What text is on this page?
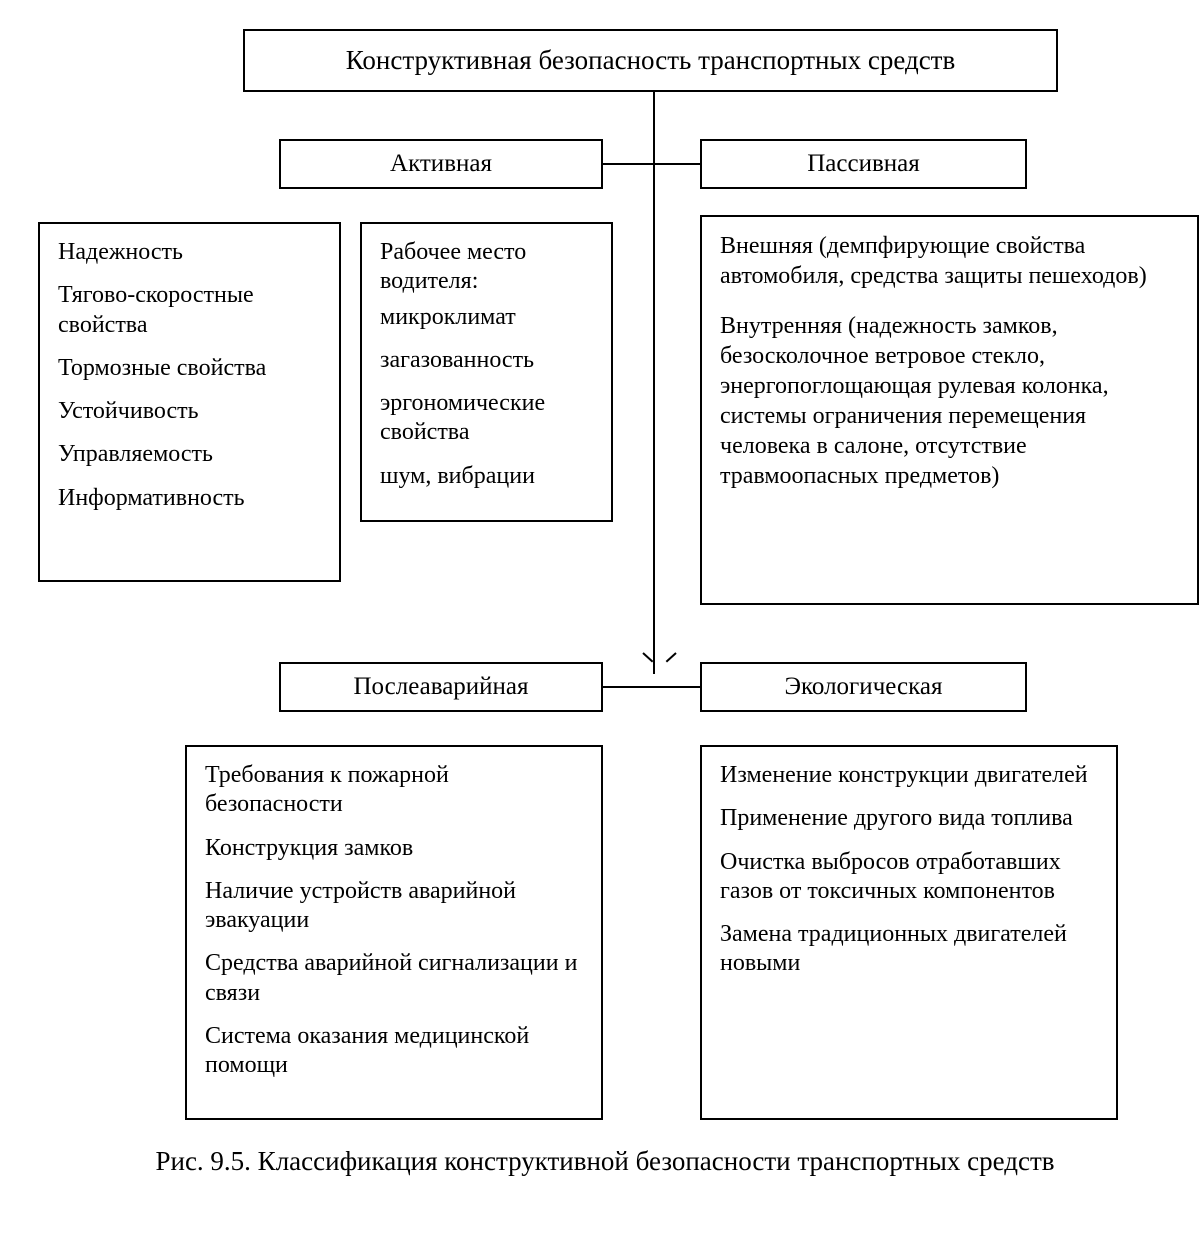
Конструктивная безопасность транспортных средств
Активная	Пассивная
Послеаварийная	Экологическая
Надежность
Тягово-скоростные свойства
Тормозные свойства
Устойчивость
Управляемость
Информативность
Рабочее место водителя:
микроклимат
загазованность
эргономические свойства
шум, вибрации
Внешняя (демпфирующие свойства автомобиля, средства защиты пешеходов)
Внутренняя (надежность замков, безосколочное ветровое стекло, энергопоглощающая рулевая колонка, системы ограничения перемещения человека в салоне, отсутствие травмоопасных предметов)
Требования к пожарной безопасности
Конструкция замков
Наличие устройств аварийной эвакуации
Средства аварийной сигнализации и связи
Система оказания медицинской помощи
Изменение конструкции двигателей
Применение другого вида топлива
Очистка выбросов отработавших газов от токсичных компонентов
Замена традиционных двигателей новыми
Рис. 9.5. Классификация конструктивной безопасности транспортных средств
